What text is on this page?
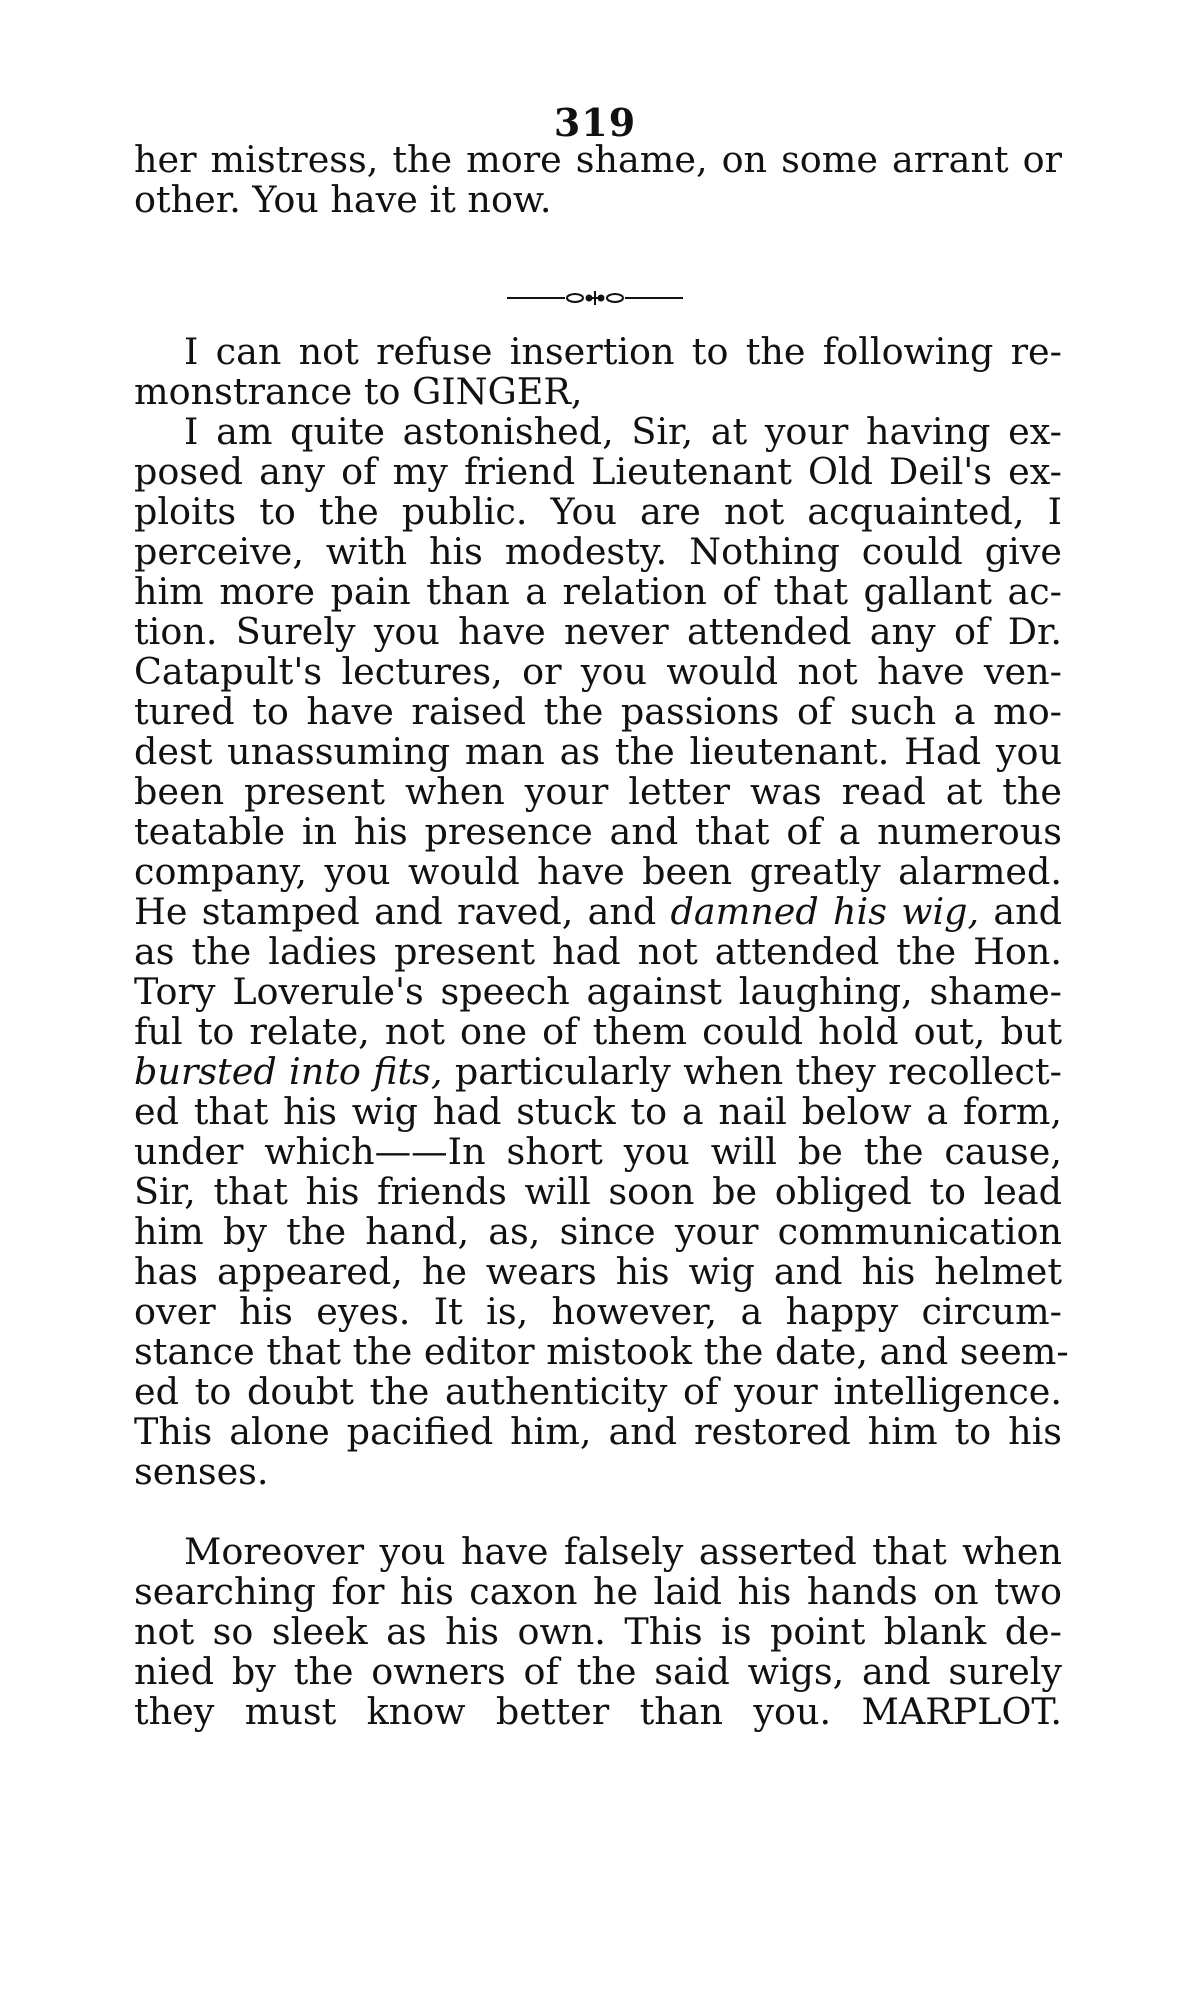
319
her mistress, the more shame, on some arrant or
other. You have it now.
I can not refuse insertion to the following re-
monstrance to GINGER,
I am quite astonished, Sir, at your having ex-
posed any of my friend Lieutenant Old Deil's ex-
ploits to the public. You are not acquainted, I
perceive, with his modesty. Nothing could give
him more pain than a relation of that gallant ac-
tion. Surely you have never attended any of Dr.
Catapult's lectures, or you would not have ven-
tured to have raised the passions of such a mo-
dest unassuming man as the lieutenant. Had you
been present when your letter was read at the
teatable in his presence and that of a numerous
company, you would have been greatly alarmed.
He stamped and raved, and damned his wig, and
as the ladies present had not attended the Hon.
Tory Loverule's speech against laughing, shame-
ful to relate, not one of them could hold out, but
bursted into fits, particularly when they recollect-
ed that his wig had stuck to a nail below a form,
under which——In short you will be the cause,
Sir, that his friends will soon be obliged to lead
him by the hand, as, since your communication
has appeared, he wears his wig and his helmet
over his eyes. It is, however, a happy circum-
stance that the editor mistook the date, and seem-
ed to doubt the authenticity of your intelligence.
This alone pacified him, and restored him to his
senses.
Moreover you have falsely asserted that when
searching for his caxon he laid his hands on two
not so sleek as his own. This is point blank de-
nied by the owners of the said wigs, and surely
they must know better than you. MARPLOT.
